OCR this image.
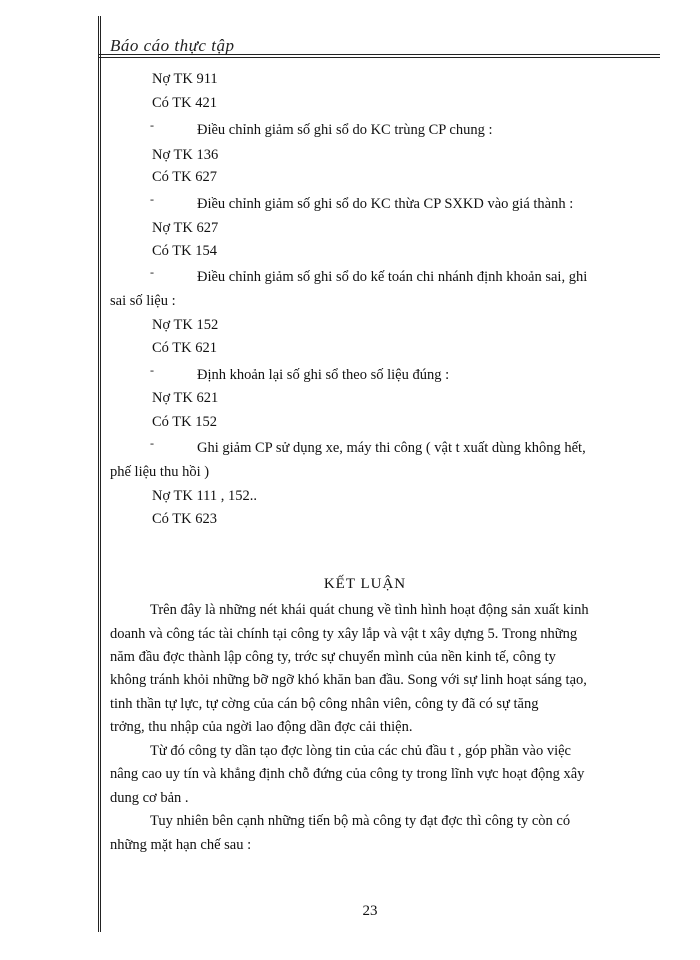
Báo cáo thực tập
Nợ TK 911
Có TK 421
-	Điều chỉnh giảm số ghi sổ do KC trùng CP chung :
Nợ TK 136
Có TK 627
-	Điều chỉnh giảm số ghi sổ do KC thừa CP SXKD vào giá thành :
Nợ TK 627
Có TK 154
-	Điều chỉnh giảm số ghi sổ do kế toán chi nhánh định khoản sai, ghi
sai số liệu :
Nợ TK 152
Có TK 621
-	Định khoản lại số ghi sổ theo số liệu đúng :
Nợ TK 621
Có TK 152
-	Ghi giảm CP sử dụng xe, máy thi công ( vật t xuất dùng không hết,
phế liệu thu hồi )
Nợ TK 111 , 152..
Có TK 623
KẾT LUẬN
Trên đây là những nét khái quát chung về tình hình hoạt động sản xuất kinh
doanh và công tác tài chính tại công ty xây lắp và vật t xây dựng 5. Trong những
năm đầu đợc thành lập công ty, trớc sự chuyển mình của nền kinh tế, công ty
không tránh khỏi những bỡ ngỡ khó khăn ban đầu. Song với sự linh hoạt sáng tạo,
tinh thần tự lực, tự cờng của cán bộ công nhân viên, công ty đã có sự tăng
trởng, thu nhập của ngời lao động dần đợc cải thiện.
Từ đó công ty dần tạo đợc lòng tin của các chủ đầu t , góp phần vào việc
nâng cao uy tín và khẳng định chỗ đứng của công ty trong lĩnh vực hoạt động xây
dung cơ bản .
Tuy nhiên bên cạnh những tiến bộ mà công ty đạt đợc thì công ty còn có
những mặt hạn chế sau :
23
